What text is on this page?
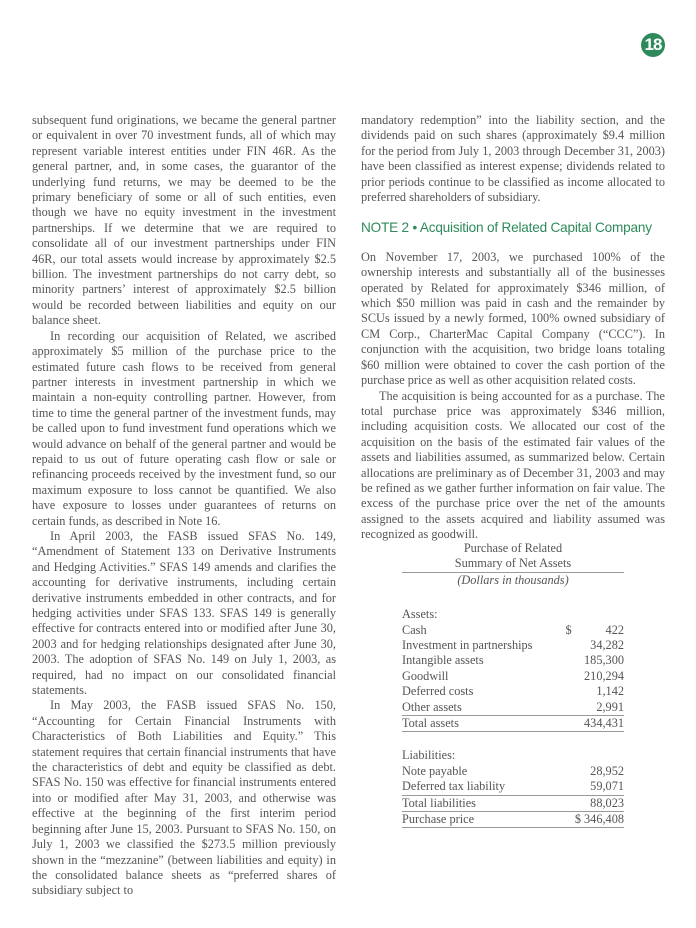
18

subsequent fund originations, we became the general partner or equivalent in over 70 investment funds, all of which may represent variable interest entities under FIN 46R. As the general partner, and, in some cases, the guarantor of the underlying fund returns, we may be deemed to be the primary beneficiary of some or all of such entities, even though we have no equity investment in the investment partnerships. If we determine that we are required to consolidate all of our investment partnerships under FIN 46R, our total assets would increase by approximately $2.5 billion. The investment partnerships do not carry debt, so minority partners’ interest of approximately $2.5 billion would be recorded between liabilities and equity on our balance sheet.

In recording our acquisition of Related, we ascribed approximately $5 million of the purchase price to the estimated future cash flows to be received from general partner interests in investment partnership in which we maintain a non-equity controlling partner. However, from time to time the general partner of the investment funds, may be called upon to fund investment fund operations which we would advance on behalf of the general partner and would be repaid to us out of future operating cash flow or sale or refinancing proceeds received by the investment fund, so our maximum exposure to loss cannot be quantified. We also have exposure to losses under guarantees of returns on certain funds, as described in Note 16.

In April 2003, the FASB issued SFAS No. 149, “Amendment of Statement 133 on Derivative Instruments and Hedging Activities.” SFAS 149 amends and clarifies the accounting for derivative instruments, including certain derivative instruments embedded in other contracts, and for hedging activities under SFAS 133. SFAS 149 is generally effective for contracts entered into or modified after June 30, 2003 and for hedging relationships designated after June 30, 2003. The adoption of SFAS No. 149 on July 1, 2003, as required, had no impact on our consolidated financial statements.

In May 2003, the FASB issued SFAS No. 150, “Accounting for Certain Financial Instruments with Characteristics of Both Liabilities and Equity.” This statement requires that certain financial instruments that have the characteristics of debt and equity be classified as debt. SFAS No. 150 was effective for financial instruments entered into or modified after May 31, 2003, and otherwise was effective at the beginning of the first interim period beginning after June 15, 2003. Pursuant to SFAS No. 150, on July 1, 2003 we classified the $273.5 million previously shown in the “mezzanine” (between liabilities and equity) in the consolidated balance sheets as “preferred shares of subsidiary subject to

mandatory redemption” into the liability section, and the dividends paid on such shares (approximately $9.4 million for the period from July 1, 2003 through December 31, 2003) have been classified as interest expense; dividends related to prior periods continue to be classified as income allocated to preferred shareholders of subsidiary.

NOTE 2 • Acquisition of Related Capital Company

On November 17, 2003, we purchased 100% of the ownership interests and substantially all of the businesses operated by Related for approximately $346 million, of which $50 million was paid in cash and the remainder by SCUs issued by a newly formed, 100% owned subsidiary of CM Corp., CharterMac Capital Company (“CCC”). In conjunction with the acquisition, two bridge loans totaling $60 million were obtained to cover the cash portion of the purchase price as well as other acquisition related costs.

The acquisition is being accounted for as a purchase. The total purchase price was approximately $346 million, including acquisition costs. We allocated our cost of the acquisition on the basis of the estimated fair values of the assets and liabilities assumed, as summarized below. Certain allocations are preliminary as of December 31, 2003 and may be refined as we gather further information on fair value. The excess of the purchase price over the net of the amounts assigned to the assets acquired and liability assumed was recognized as goodwill.

Purchase of Related
Summary of Net Assets
(Dollars in thousands)
Assets:
Cash	$	422
Investment in partnerships	34,282
Intangible assets	185,300
Goodwill	210,294
Deferred costs	1,142
Other assets	2,991
Total assets	434,431
Liabilities:
Note payable	28,952
Deferred tax liability	59,071
Total liabilities	88,023
Purchase price	$ 346,408
